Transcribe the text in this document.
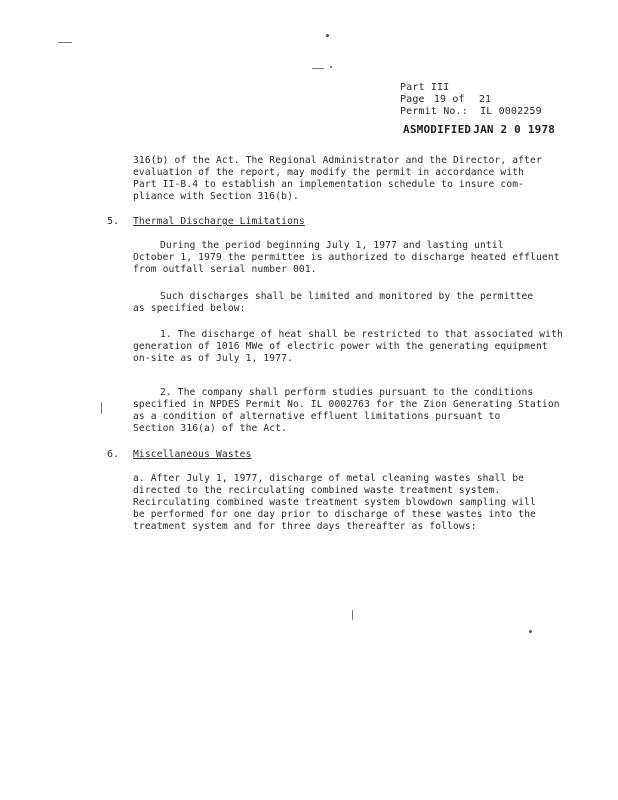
Part III
Page 19 of 21
Permit No.: IL 0002259
ASMODIFIED JAN 2 0 1978
316(b) of the Act. The Regional Administrator and the Director, after
evaluation of the report, may modify the permit in accordance with
Part II-B.4 to establish an implementation schedule to insure com-
pliance with Section 316(b).
5. Thermal Discharge Limitations
During the period beginning July 1, 1977 and lasting until
October 1, 1979 the permittee is authorized to discharge heated effluent
from outfall serial number 001.
Such discharges shall be limited and monitored by the permittee
as specified below:
1. The discharge of heat shall be restricted to that associated with
generation of 1016 MWe of electric power with the generating equipment
on-site as of July 1, 1977.
2. The company shall perform studies pursuant to the conditions
specified in NPDES Permit No. IL 0002763 for the Zion Generating Station
as a condition of alternative effluent limitations pursuant to
Section 316(a) of the Act.
6. Miscellaneous Wastes
a. After July 1, 1977, discharge of metal cleaning wastes shall be
directed to the recirculating combined waste treatment system.
Recirculating combined waste treatment system blowdown sampling will
be performed for one day prior to discharge of these wastes into the
treatment system and for three days thereafter as follows:
